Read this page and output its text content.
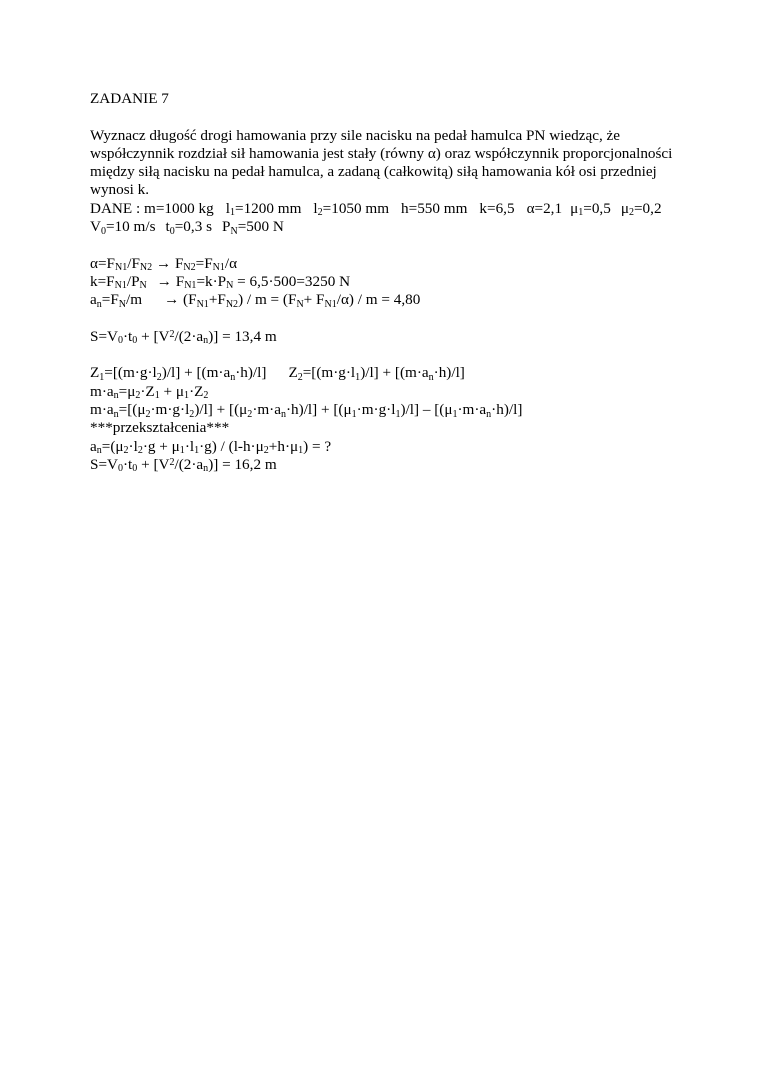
ZADANIE 7
Wyznacz długość drogi hamowania przy sile nacisku na pedał hamulca PN wiedząc, że współczynnik rozdział sił hamowania jest stały (równy α) oraz współczynnik proporcjonalności między siłą nacisku na pedał hamulca, a zadaną (całkowitą) siłą hamowania kół osi przedniej wynosi k.
DANE : m=1000 kg $l_1=1200$ mm $l_2=1050$ mm h=550 mm k=6,5 α=2,1 $\mu_1=0,5$ $\mu_2=0,2$
$V_0=10$ m/s $t_0=0,3$ s $P_N=500$ N
$\alpha=F_{N1}/F_{N2} \to F_{N2}=F_{N1}/\alpha$
$k=F_{N1}/P_N \to F_{N1}=k\cdot P_N = 6,5\cdot 500=3250$ N
$a_n=F_N/m \to (F_{N1}+F_{N2}) / m = (F_N+ F_{N1}/\alpha) / m = 4,80$
$S=V_0\cdot t_0 + [V^2/(2\cdot a_n)] = 13,4$ m
$Z_1=[(m\cdot g\cdot l_2)/l] + [(m\cdot a_n\cdot h)/l] Z_2=[(m\cdot g\cdot l_1)/l] + [(m\cdot a_n\cdot h)/l]$
$m\cdot a_n=\mu_2\cdot Z_1 + \mu_1\cdot Z_2$
$m\cdot a_n=[(\mu_2\cdot m\cdot g\cdot l_2)/l] + [(\mu_2\cdot m\cdot a_n\cdot h)/l] + [(\mu_1\cdot m\cdot g\cdot l_1)/l] - [(\mu_1\cdot m\cdot a_n\cdot h)/l]$
***przekształcenia***
$a_n=(\mu_2\cdot l_2\cdot g + \mu_1\cdot l_1\cdot g) / (l-h\cdot\mu_2+h\cdot\mu_1)$ = ?
$S=V_0\cdot t_0 + [V^2/(2\cdot a_n)] = 16,2$ m
